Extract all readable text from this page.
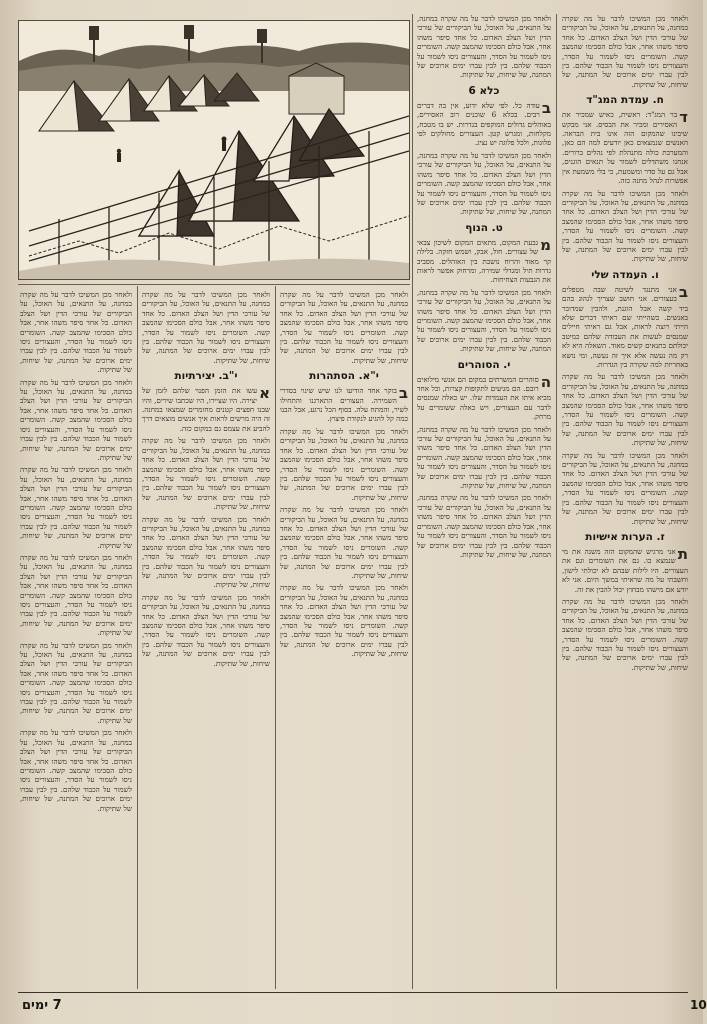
ולאחר מכן המשיכו לדבר על מה שקרה במחנה, על התנאים, על האוכל, על הביקורים של עורכי הדין ושל הצלב האדום. כל אחד סיפר משהו אחר, אבל כולם הסכימו שהמצב קשה. השומרים ניסו לשמור על הסדר, והעצורים ניסו לשמור על הכבוד שלהם. בין לבין עברו ימים ארוכים של המתנה, של שיחות, של שתיקות.

ח. עמדת המג"ד

ד
בר המג"ד: ראשית, כאיש שמכיר את האסירים ומכיר את הבסיס. אני מבקש שיבינו שהמקום הזה אינו בית הבראה. האנשים שנמצאים כאן יודעים למה הם כאן, והמערכת כולה מתנהלת לפי נהלים ברורים. אנחנו משתדלים לשמור על תנאים הוגנים, אבל גם על סדר ומשמעת, כי בלי משמעת אין אפשרות לנהל מחנה כזה.

ולאחר מכן המשיכו לדבר על מה שקרה במחנה, על התנאים, על האוכל, על הביקורים של עורכי הדין ושל הצלב האדום. כל אחד סיפר משהו אחר, אבל כולם הסכימו שהמצב קשה. השומרים ניסו לשמור על הסדר, והעצורים ניסו לשמור על הכבוד שלהם. בין לבין עברו ימים ארוכים של המתנה, של שיחות, של שתיקות.

ו. העמדה שלי

ב
אני מתנגד לשיטה שבה מטפלים בעצורים. אני חושב שצריך לנהוג בהם ביד קשה אבל הוגנת, ולהבין שמדובר באנשים. כשהייתי שם ראיתי דברים שלא הייתי רוצה לראות, אבל גם ראיתי חיילים שמנסים לעשות את העבודה שלהם כמיטב יכולתם בתנאים קשים מאוד. השאלה היא לא רק מה נעשה אלא איך זה נעשה, ומי נושא באחריות למה שקורה בין הגדרות.

ולאחר מכן המשיכו לדבר על מה שקרה במחנה, על התנאים, על האוכל, על הביקורים של עורכי הדין ושל הצלב האדום. כל אחד סיפר משהו אחר, אבל כולם הסכימו שהמצב קשה. השומרים ניסו לשמור על הסדר, והעצורים ניסו לשמור על הכבוד שלהם. בין לבין עברו ימים ארוכים של המתנה, של שיחות, של שתיקות.

ולאחר מכן המשיכו לדבר על מה שקרה במחנה, על התנאים, על האוכל, על הביקורים של עורכי הדין ושל הצלב האדום. כל אחד סיפר משהו אחר, אבל כולם הסכימו שהמצב קשה. השומרים ניסו לשמור על הסדר, והעצורים ניסו לשמור על הכבוד שלהם. בין לבין עברו ימים ארוכים של המתנה, של שיחות, של שתיקות.

ז. הערות אישיות

ת
אני מרגיש שהמקום הזה משנה את מי שנמצא בו. גם את השומרים וגם את העצורים. היו לילות שבהם לא יכולתי לישון, וחשבתי על מה שראיתי במשך היום. אני לא יודע אם מישהו מבחוץ יכול להבין את זה.

ולאחר מכן המשיכו לדבר על מה שקרה במחנה, על התנאים, על האוכל, על הביקורים של עורכי הדין ושל הצלב האדום. כל אחד סיפר משהו אחר, אבל כולם הסכימו שהמצב קשה. השומרים ניסו לשמור על הסדר, והעצורים ניסו לשמור על הכבוד שלהם. בין לבין עברו ימים ארוכים של המתנה, של שיחות, של שתיקות.

ולאחר מכן המשיכו לדבר על מה שקרה במחנה, על התנאים, על האוכל, על הביקורים של עורכי הדין ושל הצלב האדום. כל אחד סיפר משהו אחר, אבל כולם הסכימו שהמצב קשה. השומרים ניסו לשמור על הסדר, והעצורים ניסו לשמור על הכבוד שלהם. בין לבין עברו ימים ארוכים של המתנה, של שיחות, של שתיקות.

כלא 6

ב
עודה כל. לפי שלא ידוע, אין בה דברים רבים. בכלא 6 שוכנים רוב האסירים, באוהלים גדולים המוקפים בגדרות. יש בו מטבח, מקלחות, ומגרש קטן. העצורים מחולקים לפי פלוגות, ולכל פלוגה יש נציג.

ולאחר מכן המשיכו לדבר על מה שקרה במחנה, על התנאים, על האוכל, על הביקורים של עורכי הדין ושל הצלב האדום. כל אחד סיפר משהו אחר, אבל כולם הסכימו שהמצב קשה. השומרים ניסו לשמור על הסדר, והעצורים ניסו לשמור על הכבוד שלהם. בין לבין עברו ימים ארוכים של המתנה, של שיחות, של שתיקות.

ט. הנוף

מ
גבעת המקום, מתאים המקום לשיכון צבאי של עצורים. חול, אבק, ושמש חזקה. בלילה קר מאוד והרוח נושבת בין האוהלים. מסביב גדרות תיל ומגדלי שמירה, ומרחוק אפשר לראות את הגבעות הצחיחות.

ולאחר מכן המשיכו לדבר על מה שקרה במחנה, על התנאים, על האוכל, על הביקורים של עורכי הדין ושל הצלב האדום. כל אחד סיפר משהו אחר, אבל כולם הסכימו שהמצב קשה. השומרים ניסו לשמור על הסדר, והעצורים ניסו לשמור על הכבוד שלהם. בין לבין עברו ימים ארוכים של המתנה, של שיחות, של שתיקות.

י. הסוהרים

ה
סוהרים המשרתים במקום הם אנשי מילואים רובם. הם מגיעים לתקופות קצרות, וכל אחד מביא איתו את העמדות שלו. יש כאלה שמנסים לדבר עם העצורים, ויש כאלה ששומרים על מרחק.

ולאחר מכן המשיכו לדבר על מה שקרה במחנה, על התנאים, על האוכל, על הביקורים של עורכי הדין ושל הצלב האדום. כל אחד סיפר משהו אחר, אבל כולם הסכימו שהמצב קשה. השומרים ניסו לשמור על הסדר, והעצורים ניסו לשמור על הכבוד שלהם. בין לבין עברו ימים ארוכים של המתנה, של שיחות, של שתיקות.

ולאחר מכן המשיכו לדבר על מה שקרה במחנה, על התנאים, על האוכל, על הביקורים של עורכי הדין ושל הצלב האדום. כל אחד סיפר משהו אחר, אבל כולם הסכימו שהמצב קשה. השומרים ניסו לשמור על הסדר, והעצורים ניסו לשמור על הכבוד שלהם. בין לבין עברו ימים ארוכים של המתנה, של שיחות, של שתיקות.

ולאחר מכן המשיכו לדבר על מה שקרה במחנה, על התנאים, על האוכל, על הביקורים של עורכי הדין ושל הצלב האדום. כל אחד סיפר משהו אחר, אבל כולם הסכימו שהמצב קשה. השומרים ניסו לשמור על הסדר, והעצורים ניסו לשמור על הכבוד שלהם. בין לבין עברו ימים ארוכים של המתנה, של שיחות, של שתיקות.

י"א. הסתהרות

ב
בוקר אחד הודיעו לנו שיש שינוי בסדרי השמירה. העצורים התארגנו והתחילו לשיר, והמתח עלה. בסוף הכל נרגע, אבל הבנו כמה קל להגיע לנקודת פיצוץ.

ולאחר מכן המשיכו לדבר על מה שקרה במחנה, על התנאים, על האוכל, על הביקורים של עורכי הדין ושל הצלב האדום. כל אחד סיפר משהו אחר, אבל כולם הסכימו שהמצב קשה. השומרים ניסו לשמור על הסדר, והעצורים ניסו לשמור על הכבוד שלהם. בין לבין עברו ימים ארוכים של המתנה, של שיחות, של שתיקות.

ולאחר מכן המשיכו לדבר על מה שקרה במחנה, על התנאים, על האוכל, על הביקורים של עורכי הדין ושל הצלב האדום. כל אחד סיפר משהו אחר, אבל כולם הסכימו שהמצב קשה. השומרים ניסו לשמור על הסדר, והעצורים ניסו לשמור על הכבוד שלהם. בין לבין עברו ימים ארוכים של המתנה, של שיחות, של שתיקות.

ולאחר מכן המשיכו לדבר על מה שקרה במחנה, על התנאים, על האוכל, על הביקורים של עורכי הדין ושל הצלב האדום. כל אחד סיפר משהו אחר, אבל כולם הסכימו שהמצב קשה. השומרים ניסו לשמור על הסדר, והעצורים ניסו לשמור על הכבוד שלהם. בין לבין עברו ימים ארוכים של המתנה, של שיחות, של שתיקות.

ולאחר מכן המשיכו לדבר על מה שקרה במחנה, על התנאים, על האוכל, על הביקורים של עורכי הדין ושל הצלב האדום. כל אחד סיפר משהו אחר, אבל כולם הסכימו שהמצב קשה. השומרים ניסו לשמור על הסדר, והעצורים ניסו לשמור על הכבוד שלהם. בין לבין עברו ימים ארוכים של המתנה, של שיחות, של שתיקות.

י"ב. יצירתיות

א
עשו את הזמן הפנוי שלהם לזמן של יצירה. היו שציירו, היו שכתבו שירים, והיו שבנו חפצים קטנים מחומרים שמצאו במחנה. זה היה מרשים לראות איך אנשים מוצאים דרך להביע את עצמם גם במקום כזה.

ולאחר מכן המשיכו לדבר על מה שקרה במחנה, על התנאים, על האוכל, על הביקורים של עורכי הדין ושל הצלב האדום. כל אחד סיפר משהו אחר, אבל כולם הסכימו שהמצב קשה. השומרים ניסו לשמור על הסדר, והעצורים ניסו לשמור על הכבוד שלהם. בין לבין עברו ימים ארוכים של המתנה, של שיחות, של שתיקות.

ולאחר מכן המשיכו לדבר על מה שקרה במחנה, על התנאים, על האוכל, על הביקורים של עורכי הדין ושל הצלב האדום. כל אחד סיפר משהו אחר, אבל כולם הסכימו שהמצב קשה. השומרים ניסו לשמור על הסדר, והעצורים ניסו לשמור על הכבוד שלהם. בין לבין עברו ימים ארוכים של המתנה, של שיחות, של שתיקות.

ולאחר מכן המשיכו לדבר על מה שקרה במחנה, על התנאים, על האוכל, על הביקורים של עורכי הדין ושל הצלב האדום. כל אחד סיפר משהו אחר, אבל כולם הסכימו שהמצב קשה. השומרים ניסו לשמור על הסדר, והעצורים ניסו לשמור על הכבוד שלהם. בין לבין עברו ימים ארוכים של המתנה, של שיחות, של שתיקות.

ולאחר מכן המשיכו לדבר על מה שקרה במחנה, על התנאים, על האוכל, על הביקורים של עורכי הדין ושל הצלב האדום. כל אחד סיפר משהו אחר, אבל כולם הסכימו שהמצב קשה. השומרים ניסו לשמור על הסדר, והעצורים ניסו לשמור על הכבוד שלהם. בין לבין עברו ימים ארוכים של המתנה, של שיחות, של שתיקות.

ולאחר מכן המשיכו לדבר על מה שקרה במחנה, על התנאים, על האוכל, על הביקורים של עורכי הדין ושל הצלב האדום. כל אחד סיפר משהו אחר, אבל כולם הסכימו שהמצב קשה. השומרים ניסו לשמור על הסדר, והעצורים ניסו לשמור על הכבוד שלהם. בין לבין עברו ימים ארוכים של המתנה, של שיחות, של שתיקות.

ולאחר מכן המשיכו לדבר על מה שקרה במחנה, על התנאים, על האוכל, על הביקורים של עורכי הדין ושל הצלב האדום. כל אחד סיפר משהו אחר, אבל כולם הסכימו שהמצב קשה. השומרים ניסו לשמור על הסדר, והעצורים ניסו לשמור על הכבוד שלהם. בין לבין עברו ימים ארוכים של המתנה, של שיחות, של שתיקות.

ולאחר מכן המשיכו לדבר על מה שקרה במחנה, על התנאים, על האוכל, על הביקורים של עורכי הדין ושל הצלב האדום. כל אחד סיפר משהו אחר, אבל כולם הסכימו שהמצב קשה. השומרים ניסו לשמור על הסדר, והעצורים ניסו לשמור על הכבוד שלהם. בין לבין עברו ימים ארוכים של המתנה, של שיחות, של שתיקות.

ולאחר מכן המשיכו לדבר על מה שקרה במחנה, על התנאים, על האוכל, על הביקורים של עורכי הדין ושל הצלב האדום. כל אחד סיפר משהו אחר, אבל כולם הסכימו שהמצב קשה. השומרים ניסו לשמור על הסדר, והעצורים ניסו לשמור על הכבוד שלהם. בין לבין עברו ימים ארוכים של המתנה, של שיחות, של שתיקות.

ולאחר מכן המשיכו לדבר על מה שקרה במחנה, על התנאים, על האוכל, על הביקורים של עורכי הדין ושל הצלב האדום. כל אחד סיפר משהו אחר, אבל כולם הסכימו שהמצב קשה. השומרים ניסו לשמור על הסדר, והעצורים ניסו לשמור על הכבוד שלהם. בין לבין עברו ימים ארוכים של המתנה, של שיחות, של שתיקות.

7 ימים	10
